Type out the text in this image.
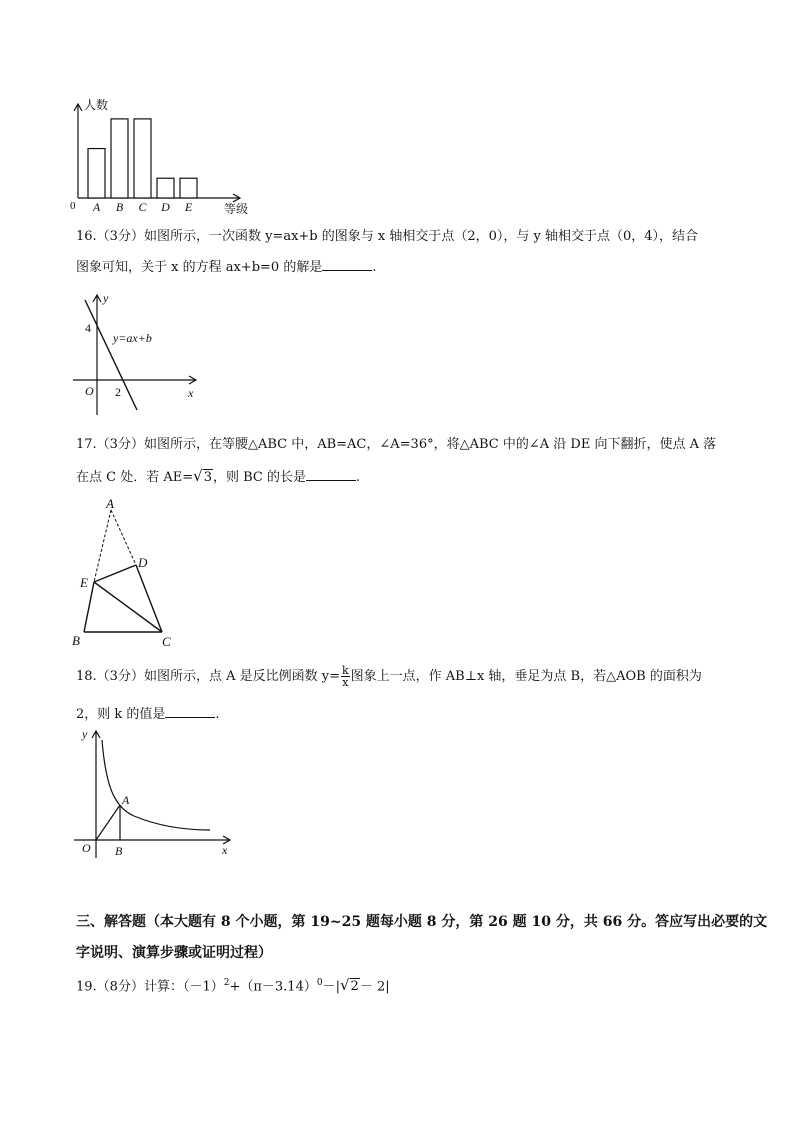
人数
等级
0 A B C D E
16.（3分）如图所示，一次函数 y=ax+b 的图象与 x 轴相交于点（2，0），与 y 轴相交于点（0，4），结合
图象可知，关于 x 的方程 ax+b=0 的解是	.
y
x
O
4
2
y=ax+b
17.（3分）如图所示，在等腰△ABC 中，AB=AC，∠A=36°，将△ABC 中的∠A 沿 DE 向下翻折，使点 A 落
在点 C 处．若 AE=√3，则 BC 的长是	.
A
D
E
B	C
18.（3分）如图所示，点 A 是反比例函数 $y= \frac{k}{x}$ 图象上一点，作 AB⊥x 轴，垂足为点 B，若△AOB 的面积为
2，则 k 的值是	.
y
x
O
A
B
三、解答题（本大题有 8 个小题，第 19~25 题每小题 8 分，第 26 题 10 分，共 66 分。答应写出必要的文
字说明、演算步骤或证明过程）
19.（8分）计算：$(-1)^2+(\pi-3.14)^0-|√2- 2|$
